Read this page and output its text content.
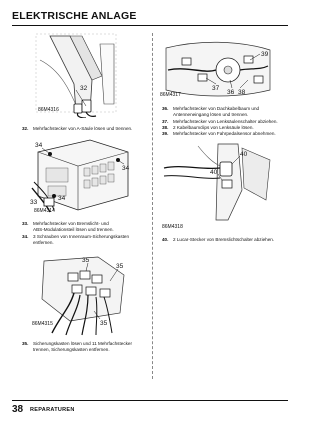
ELEKTRISCHE ANLAGE
32
86M4316
32.	Mehrfachstecker von A-Säule lösen und trennen.
34
34
33
34
86M4314
33.	Mehrfachstecker von Bremslicht- und
ABS-Modulationsteil lösen und trennen.
34.	3 Schrauben von Innenraum-Sicherungskasten
entfernen.
35
35
35
86M4315
35.	Sicherungskasten lösen und 11 Mehrfachstecker
trennen, Sicherungskasten entfernen.
39
37
36 38
86M4317
36.	Mehrfachstecker von Dachkabelbaum und
Antenneneingang lösen und trennen.
37.	Mehrfachstecker von Lenksäulenschalter abziehen.
38.	2 Kabelbaumclips von Lenksäule lösen.
39.	Mehrfachstecker von Fahrpedalsensor abnehmen.
40
40
86M4318
40.	2 Lucar-Stecker von Bremslichtschalter abziehen.
38 REPARATUREN
